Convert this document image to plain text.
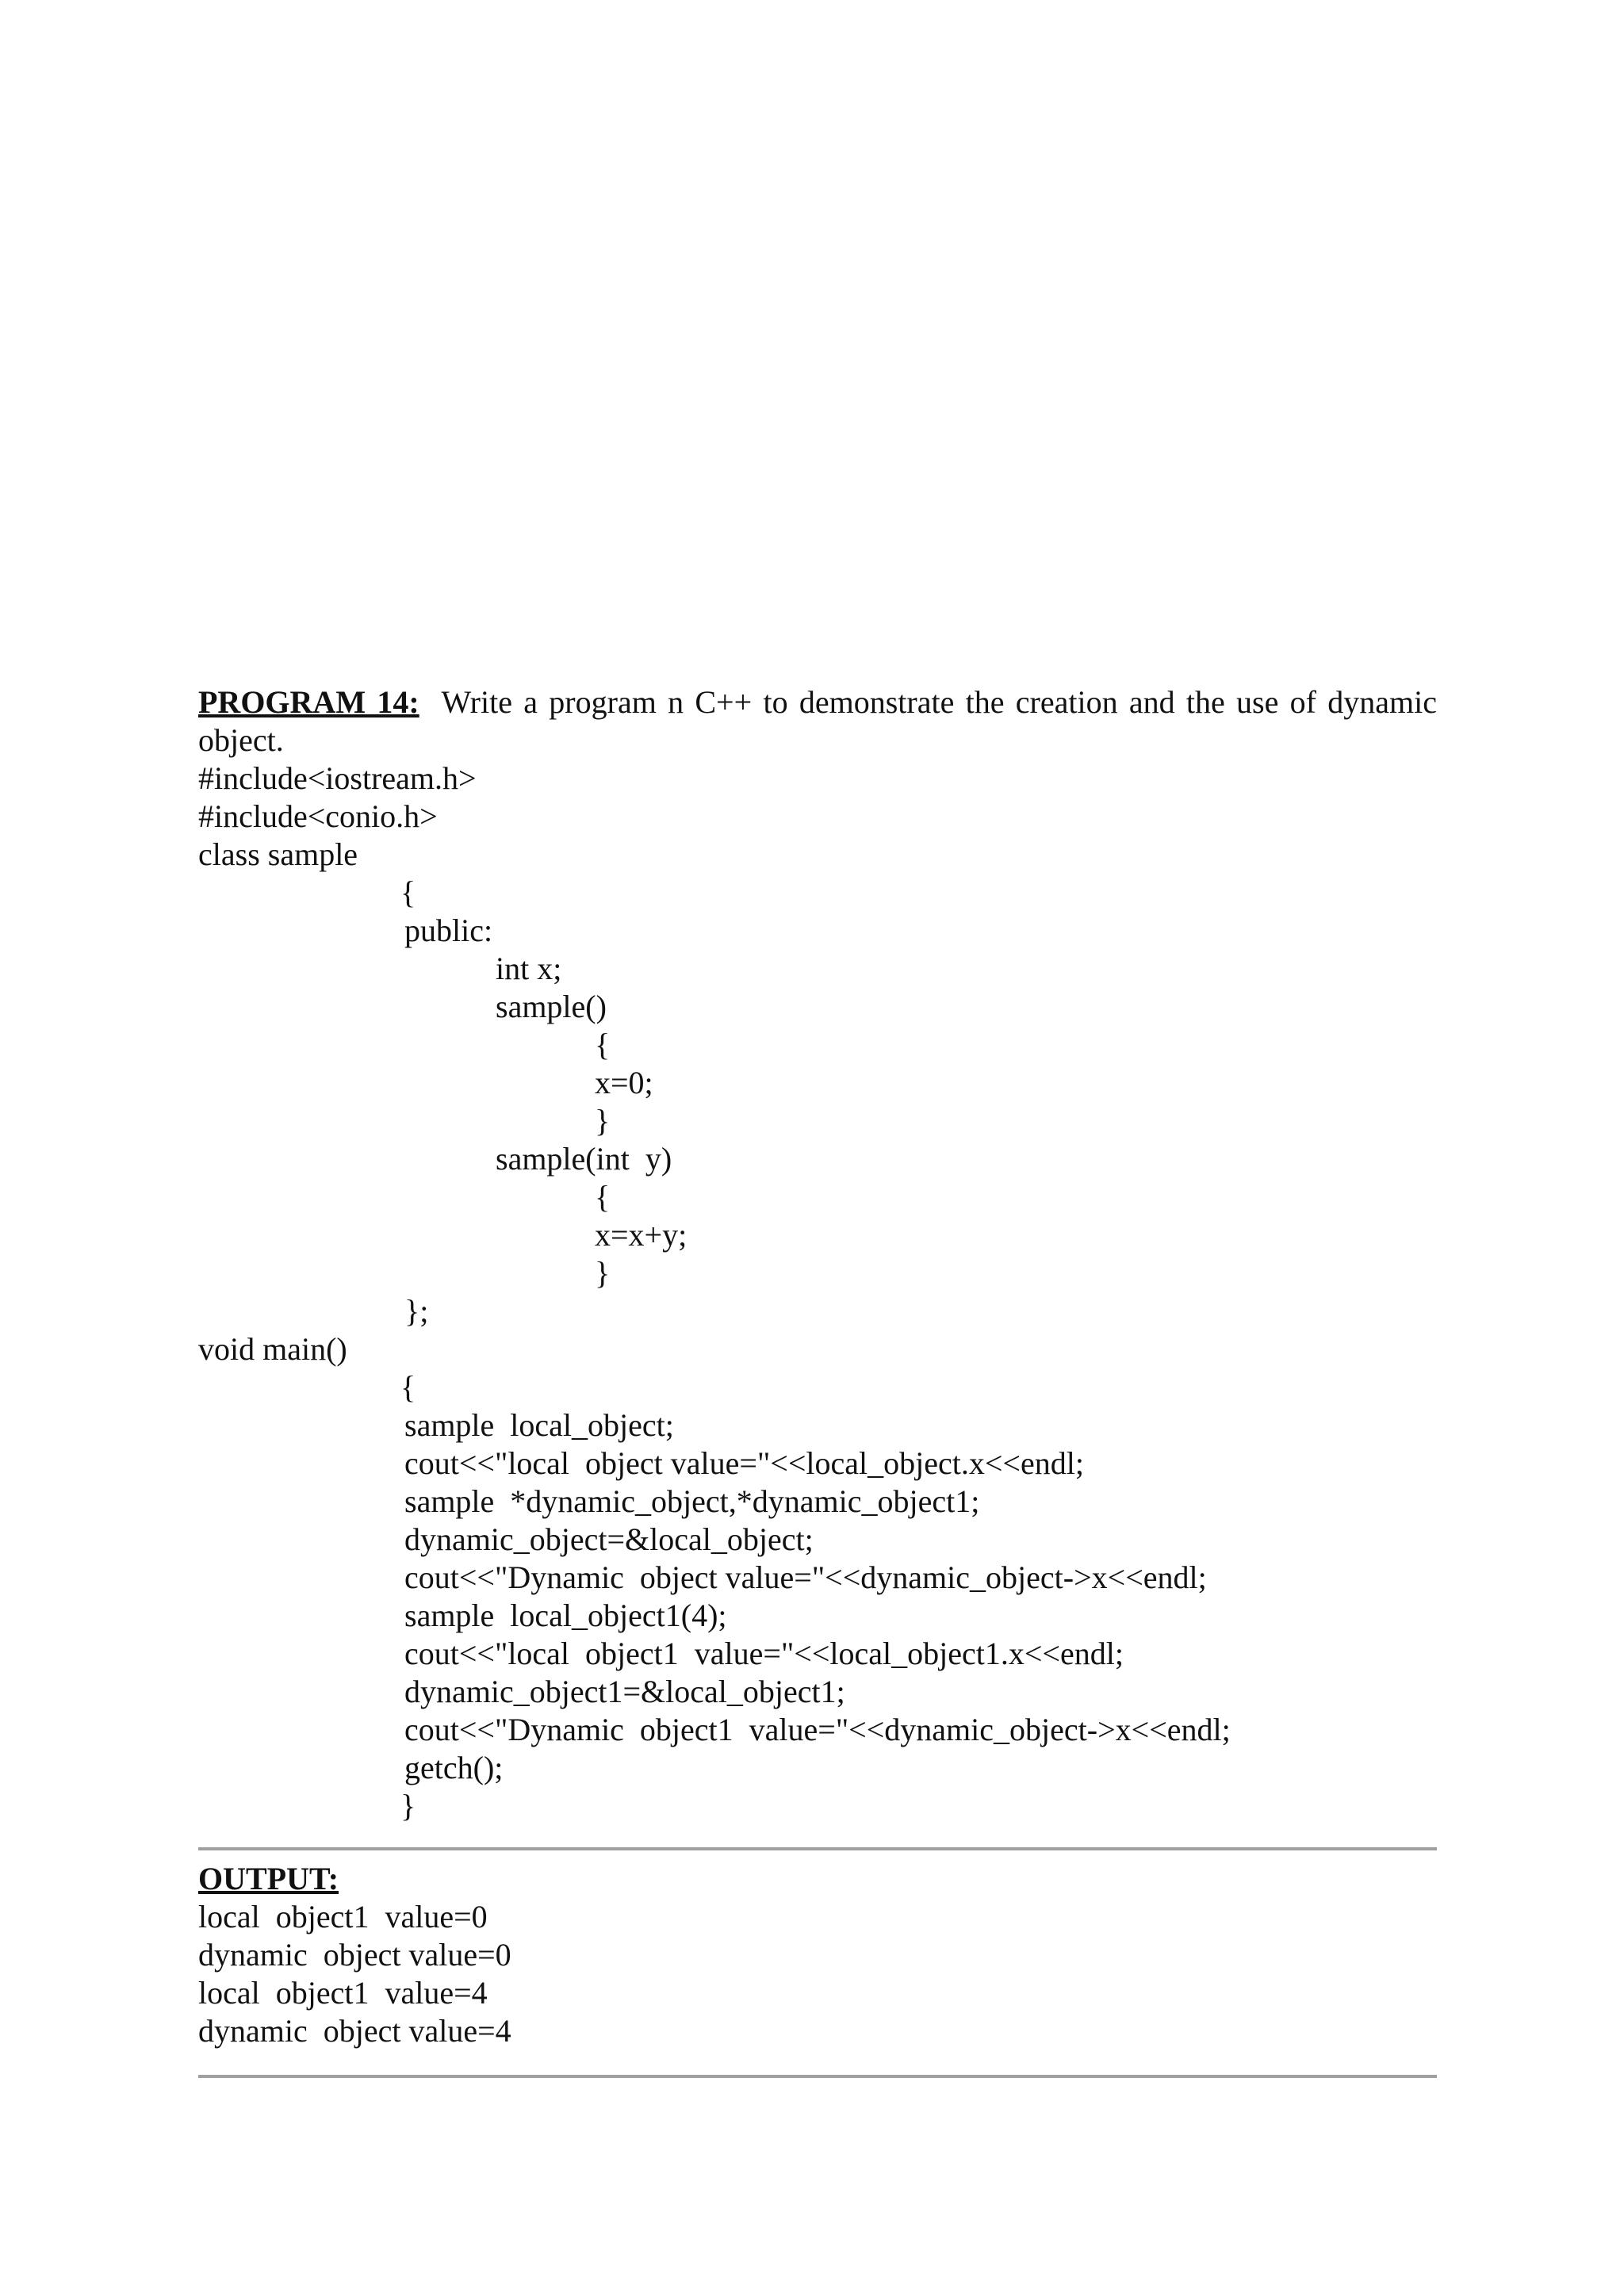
PROGRAM 14: Write a program n C++ to demonstrate the creation and the use of dynamic
object.
#include<iostream.h>
#include<conio.h>
class sample
{
public:
int x;
sample()
{
x=0;
}
sample(int  y)
{
x=x+y;
}
};
void main()
{
sample  local_object;
cout<<"local  object value="<<local_object.x<<endl;
sample  *dynamic_object,*dynamic_object1;
dynamic_object=&local_object;
cout<<"Dynamic  object value="<<dynamic_object->x<<endl;
sample  local_object1(4);
cout<<"local  object1  value="<<local_object1.x<<endl;
dynamic_object1=&local_object1;
cout<<"Dynamic  object1  value="<<dynamic_object->x<<endl;
getch();
}
OUTPUT:
local  object1  value=0
dynamic  object value=0
local  object1  value=4
dynamic  object value=4
